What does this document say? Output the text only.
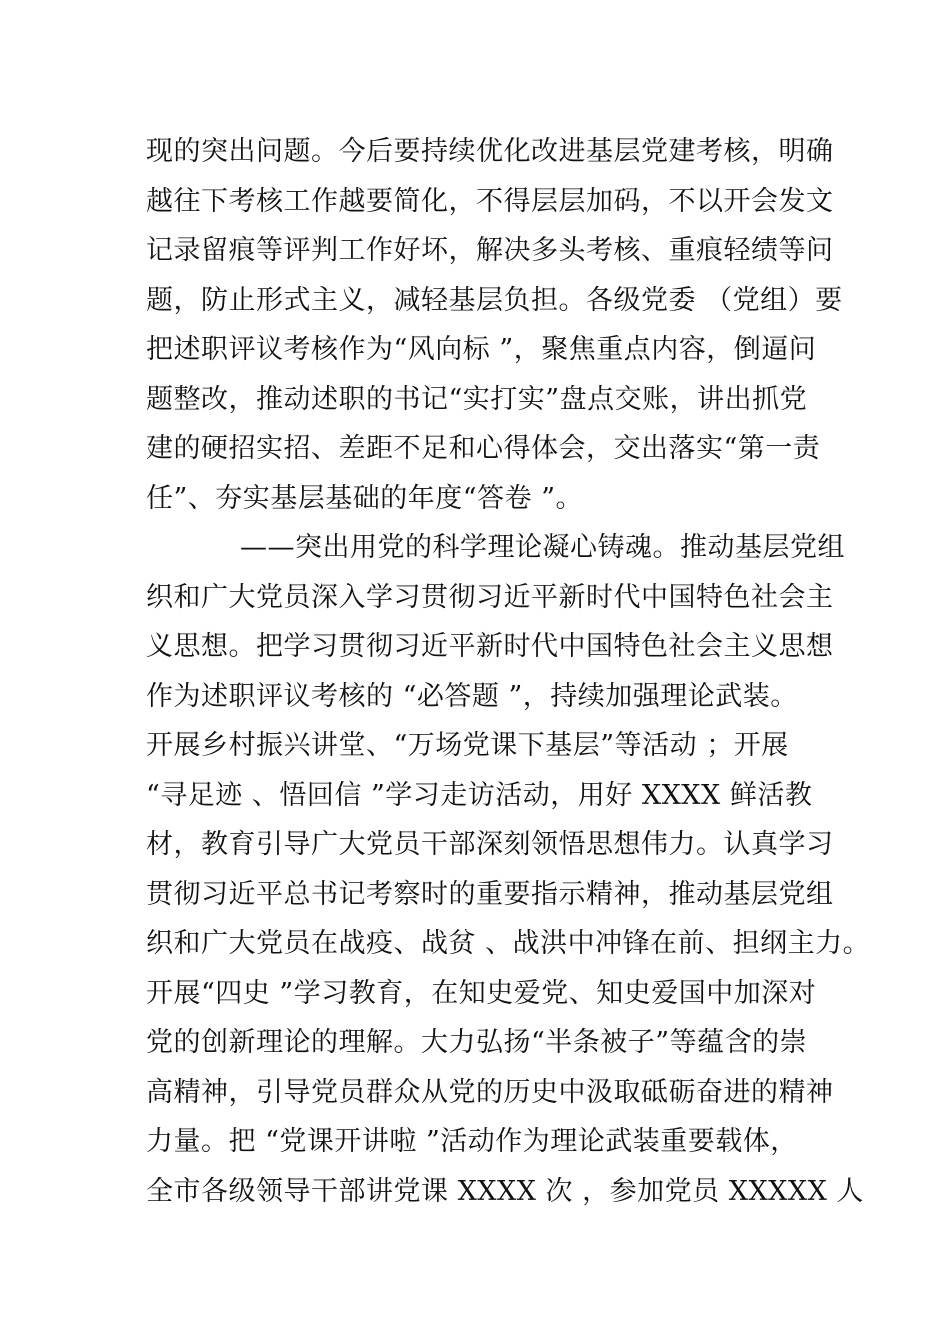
现的突出问题。今后要持续优化改进基层党建考核，明确
越往下考核工作越要简化，不得层层加码，不以开会发文
记录留痕等评判工作好坏，解决多头考核、重痕轻绩等问
题，防止形式主义，减轻基层负担。各级党委 （党组）要
把述职评议考核作为“风向标 ”，聚焦重点内容，倒逼问
题整改，推动述职的书记“实打实”盘点交账，讲出抓党
建的硬招实招、差距不足和心得体会，交出落实“第一责
任”、夯实基层基础的年度“答卷 ”。
——突出用党的科学理论凝心铸魂。推动基层党组
织和广大党员深入学习贯彻习近平新时代中国特色社会主
义思想。把学习贯彻习近平新时代中国特色社会主义思想
作为述职评议考核的 “必答题 ”，持续加强理论武装。
开展乡村振兴讲堂、“万场党课下基层”等活动 ；开展
“寻足迹 、悟回信 ”学习走访活动，用好 XXXX 鲜活教
材，教育引导广大党员干部深刻领悟思想伟力。认真学习
贯彻习近平总书记考察时的重要指示精神，推动基层党组
织和广大党员在战疫、战贫 、战洪中冲锋在前、担纲主力。
开展“四史 ”学习教育，在知史爱党、知史爱国中加深对
党的创新理论的理解。大力弘扬“半条被子”等蕴含的崇
高精神，引导党员群众从党的历史中汲取砥砺奋进的精神
力量。把 “党课开讲啦 ”活动作为理论武装重要载体，
全市各级领导干部讲党课 XXXX 次 ，参加党员 XXXXX 人
